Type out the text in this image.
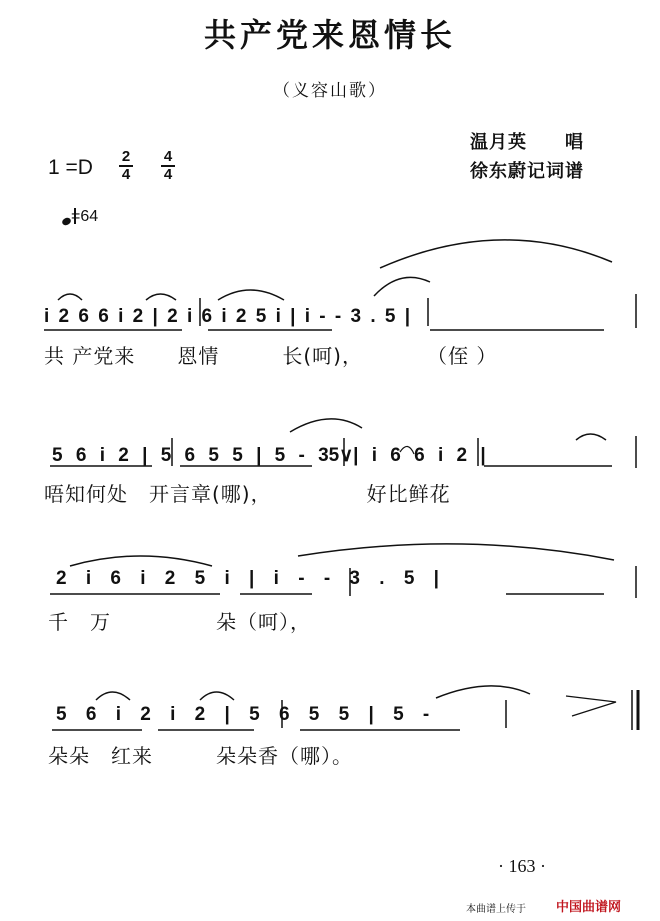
共产党来恩情长
（义容山歌）
温月英　　唱
徐东蔚记词谱
1 =D 2
4
4
4
=64
i 2 6 6 i 2 | 2 i 6 i 2 5 i | i - - 3 . 5 |
共 产党来　　恩情　　　长(呵)，　　　　（侄 ）
5 6 i 2 | 5 6 5 5 | 5 - 35∨| i 6 6 i 2 |
唔知何处　开言章(哪)，　　　　　好比鲜花
2 i 6 i 2 5 i | i - - 3 . 5 |
千　万　　　　　朵（呵），
5 6 i 2 i 2 | 5 6 5 5 | 5 -
朵朵　红来　　　朵朵香（哪）。
· 163 ·
本曲谱上传于 中国曲谱网
